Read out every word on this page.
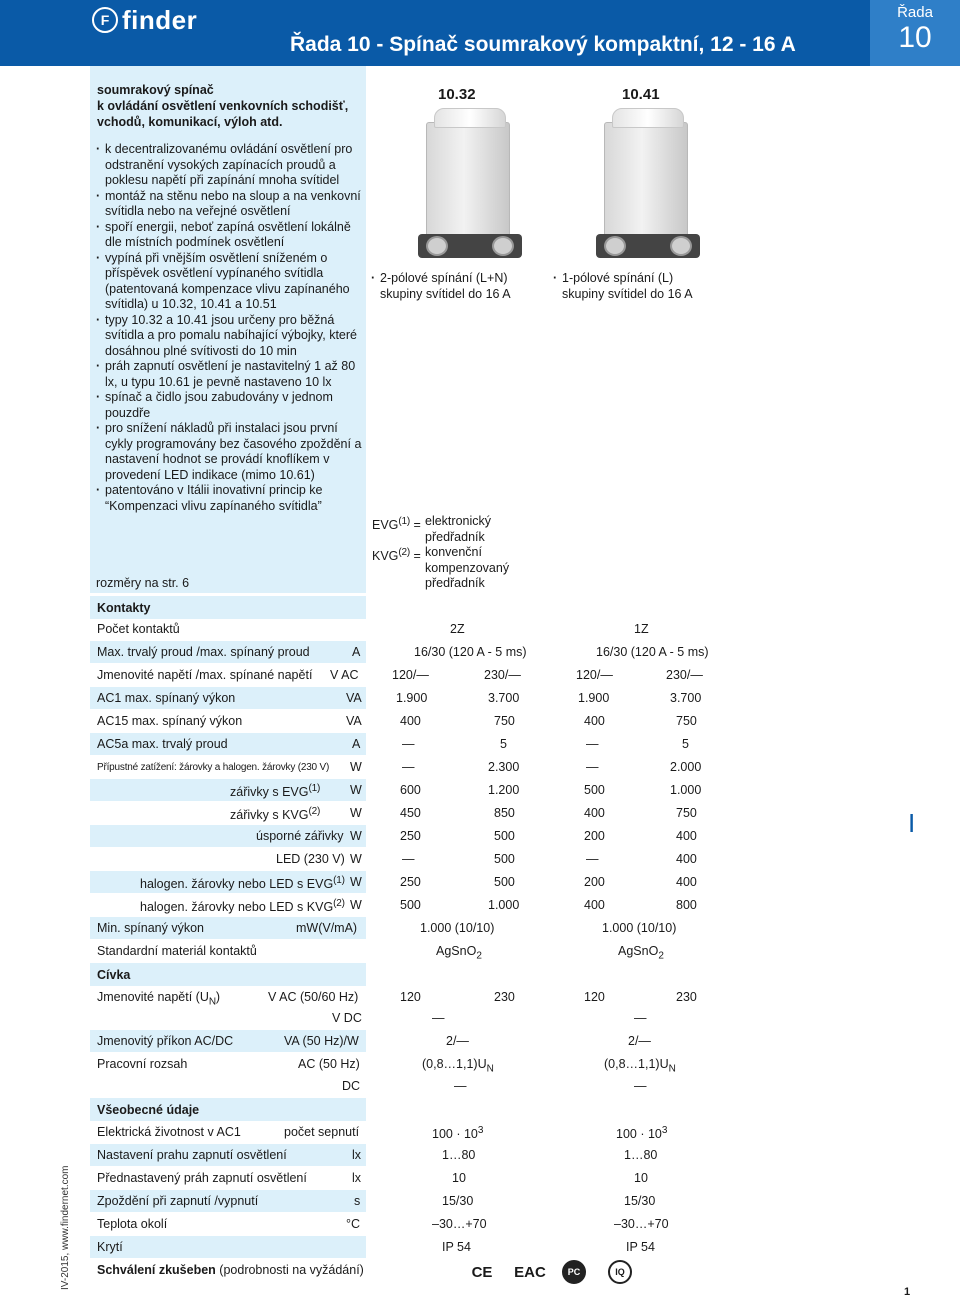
F finder
Řada 10 - Spínač soumrakový kompaktní, 12 - 16 A
Řada
10
soumrakový spínač
k ovládání osvětlení venkovních schodišť, vchodů, komunikací, výloh atd.
· k decentralizovanému ovládání osvětlení pro odstranění vysokých zapínacích proudů a poklesu napětí při zapínání mnoha svítidel
· montáž na stěnu nebo na sloup a na venkovní svítidla nebo na veřejné osvětlení
· spoří energii, neboť zapíná osvětlení lokálně dle místních podmínek osvětlení
· vypíná při vnějším osvětlení sníženém o příspěvek osvětlení vypínaného svítidla (patentovaná kompenzace vlivu zapínaného svítidla) u 10.32, 10.41 a 10.51
· typy 10.32 a 10.41 jsou určeny pro běžná svítidla a pro pomalu nabíhající výbojky, které dosáhnou plné svítivosti do 10 min
· práh zapnutí osvětlení je nastavitelný 1 až 80 lx, u typu 10.61 je pevně nastaveno 10 lx
· spínač a čidlo jsou zabudovány v jednom pouzdře
· pro snížení nákladů při instalaci jsou první cykly programovány bez časového zpoždění a nastavení hodnot se provádí knoflíkem v provedení LED indikace (mimo 10.61)
· patentováno v Itálii inovativní princip ke “Kompenzaci vlivu zapínaného svítidla”
rozměry na str. 6
10.32	10.41
· 2-pólové spínání (L+N)
skupiny svítidel do 16 A
· 1-pólové spínání (L)
skupiny svítidel do 16 A
$EVG^{(1)}$ = elektronický
předřadník
$KVG^{(2)}$ = konvenční
kompenzovaný
předřadník
Kontakty
Počet kontaktů	2Z	1Z
Max. trvalý proud /max. spínaný proud	A	16/30 (120 A - 5 ms)	16/30 (120 A - 5 ms)
Jmenovité napětí /max. spínané napětí V AC	120/—	230/—	120/—	230/—
AC1 max. spínaný výkon	VA	1.900	3.700	1.900	3.700
AC15 max. spínaný výkon	VA	400	750	400	750
AC5a max. trvalý proud	A	—	5	—	5
Přípustné zatížení: žárovky a halogen. žárovky (230 V) W	—	2.300	—	2.000
zářivky s EVG$^{(1)}$ W	600	1.200	500	1.000
zářivky s KVG$^{(2)}$ W	450	850	400	750
úsporné zářivky W	250	500	200	400
LED (230 V) W	—	500	—	400
halogen. žárovky nebo LED s EVG$^{(1)}$ W	250	500	200	400
halogen. žárovky nebo LED s KVG$^{(2)}$ W	500	1.000	400	800
Min. spínaný výkon	mW(V/mA)	1.000 (10/10)	1.000 (10/10)
Standardní materiál kontaktů	AgSnO$_2$	AgSnO$_2$
Cívka
Jmenovité napětí $(U_N)$	V AC (50/60 Hz)	120	230	120	230
V DC	—	—
Jmenovitý příkon AC/DC	VA (50 Hz)/W	2/—	2/—
Pracovní rozsah	AC (50 Hz)	$(0,8\dots 1,1)U_N$	$(0,8\dots 1,1)U_N$
DC	—	—
Všeobecné údaje
Elektrická životnost v AC1	počet sepnutí	$100 \cdot 10^3$	$100 \cdot 10^3$
Nastavení prahu zapnutí osvětlení	lx	1…80	1…80
Přednastavený práh zapnutí osvětlení	lx	10	10
Zpoždění při zapnutí /vypnutí	s	15/30	15/30
Teplota okolí	°C	–30…+70	–30…+70
Krytí	IP 54	IP 54
Schválení zkušeben (podrobnosti na vyžádání)	CE EAC	PC	IQ
IV-2015, www.findernet.com
I
1
